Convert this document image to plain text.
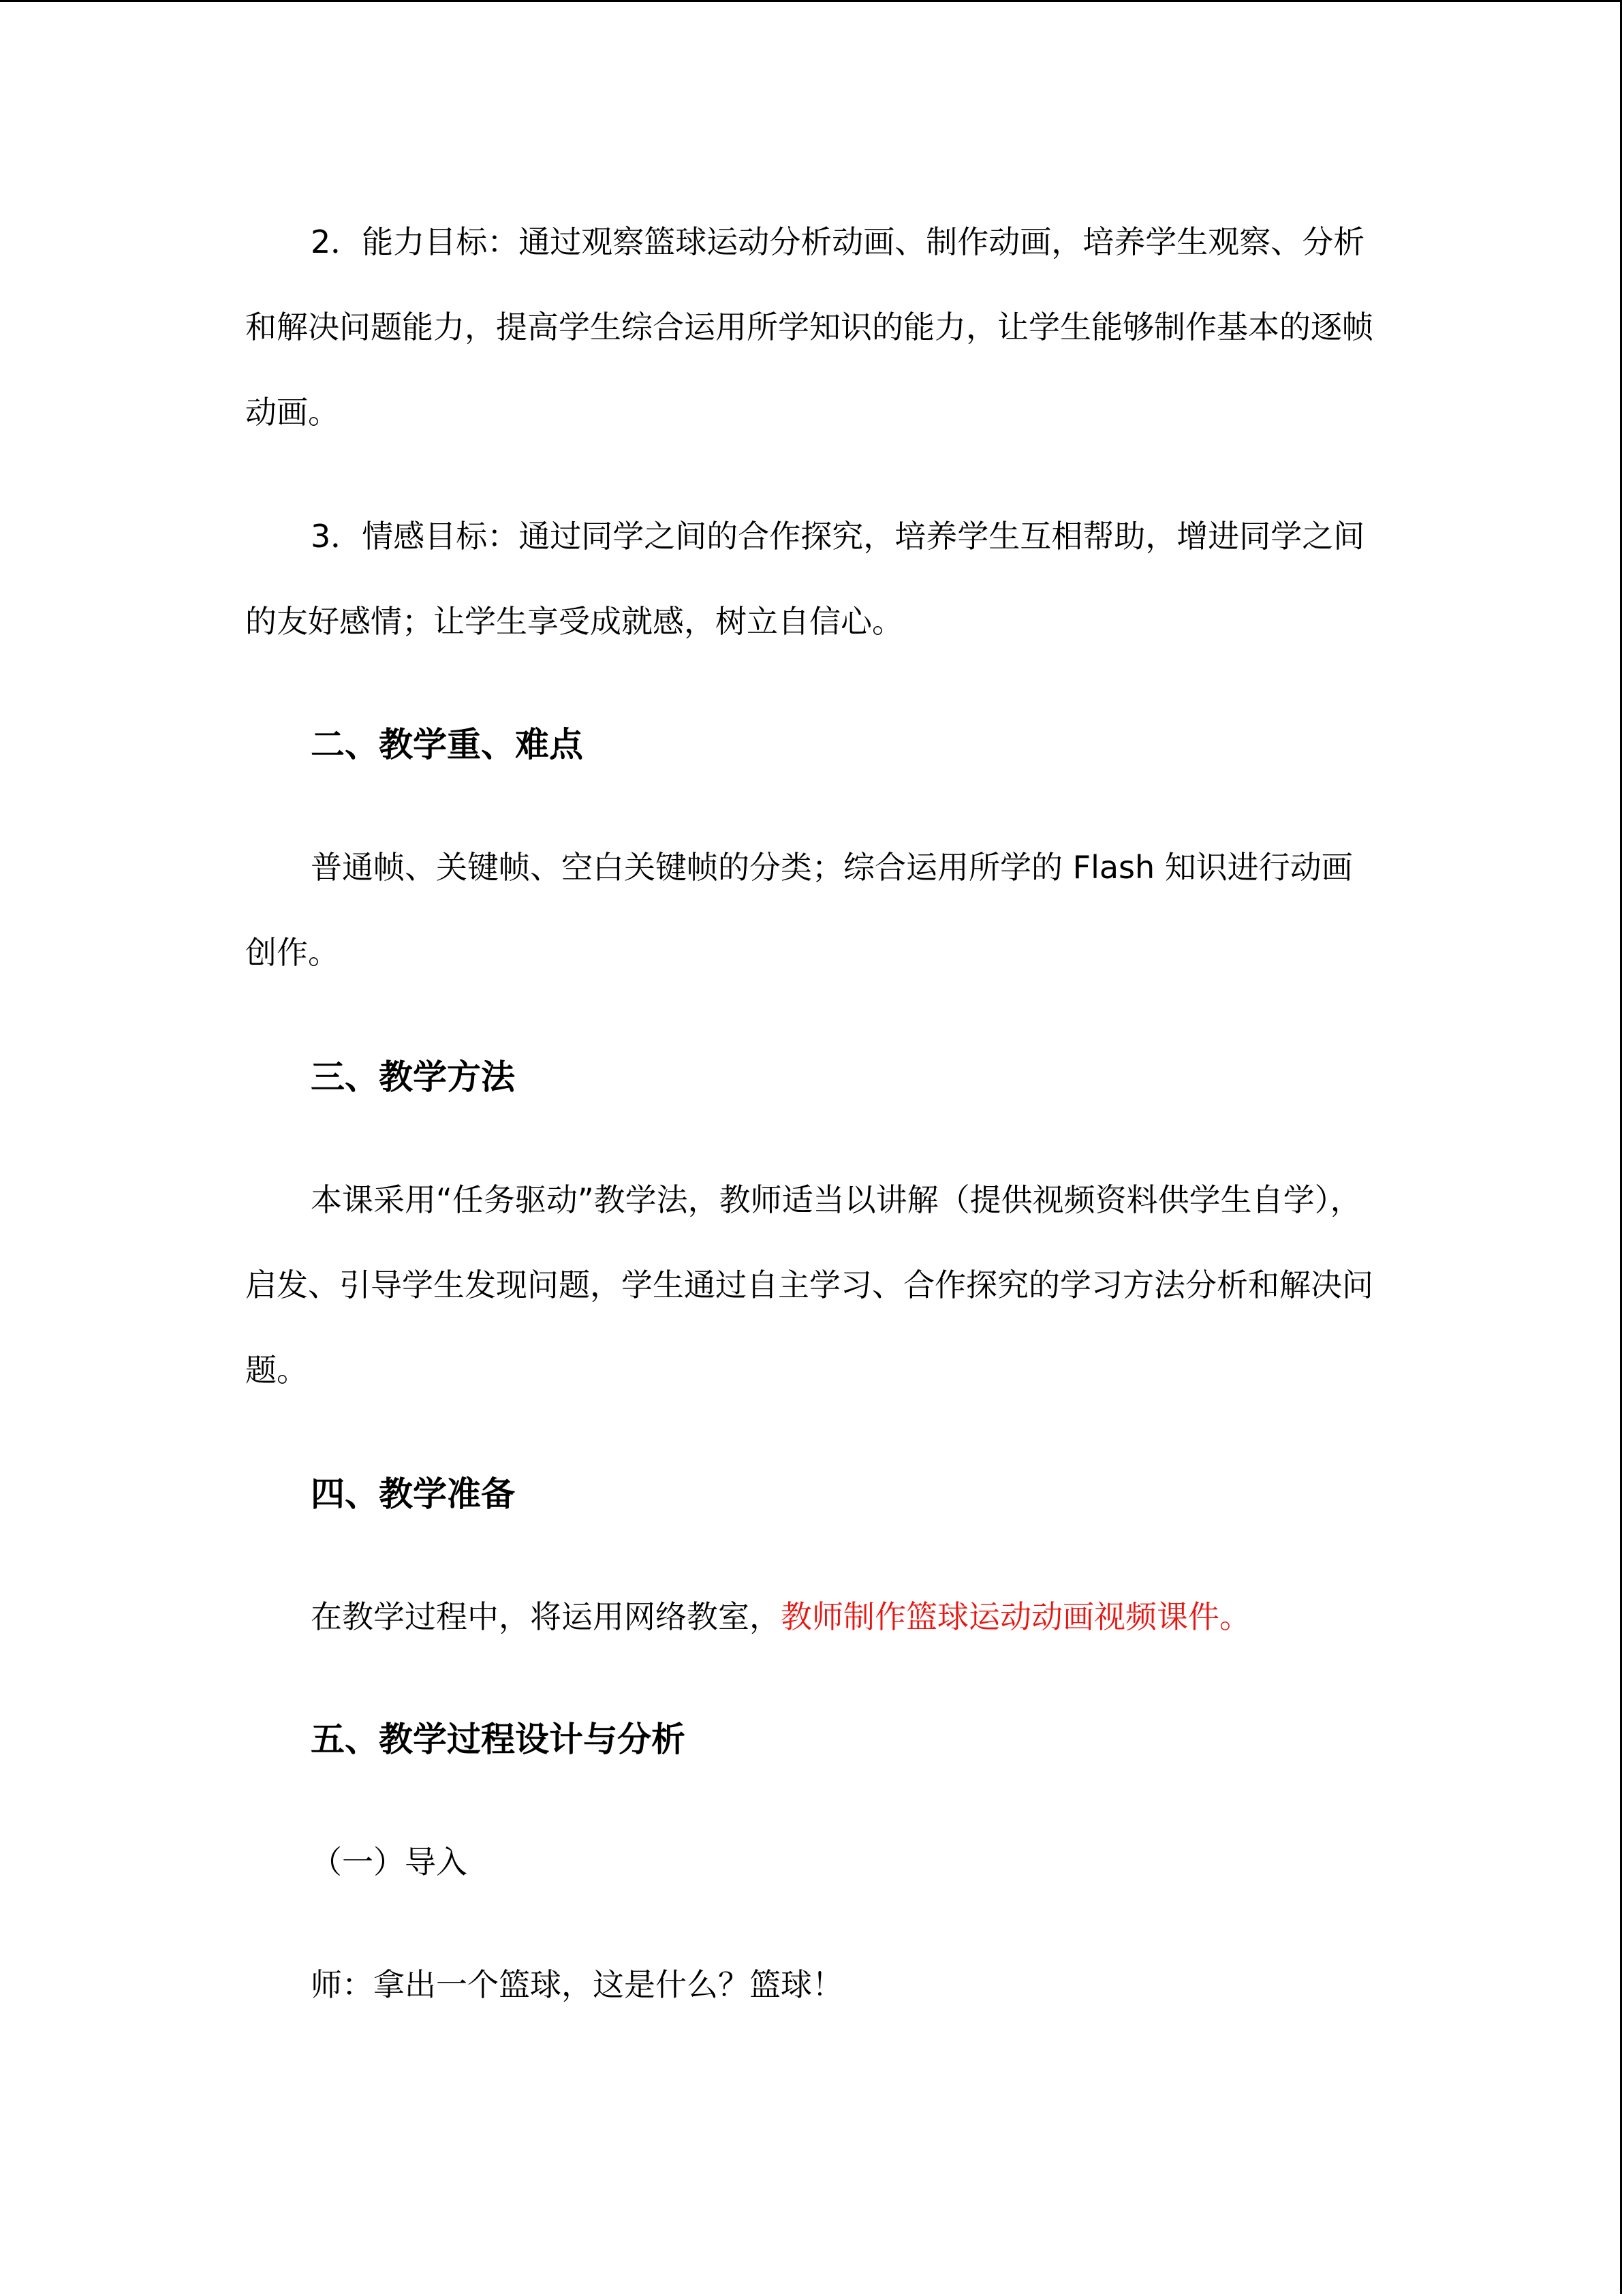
2．能力目标：通过观察篮球运动分析动画、制作动画，培养学生观察、分析和解决问题能力，提高学生综合运用所学知识的能力，让学生能够制作基本的逐帧动画。

3．情感目标：通过同学之间的合作探究，培养学生互相帮助，增进同学之间的友好感情；让学生享受成就感，树立自信心。

二、教学重、难点

普通帧、关键帧、空白关键帧的分类；综合运用所学的 Flash 知识进行动画创作。

三、教学方法

本课采用“任务驱动”教学法，教师适当以讲解（提供视频资料供学生自学），启发、引导学生发现问题，学生通过自主学习、合作探究的学习方法分析和解决问题。

四、教学准备

在教学过程中，将运用网络教室，教师制作篮球运动动画视频课件。

五、教学过程设计与分析

（一）导入

师：拿出一个篮球，这是什么？篮球！
